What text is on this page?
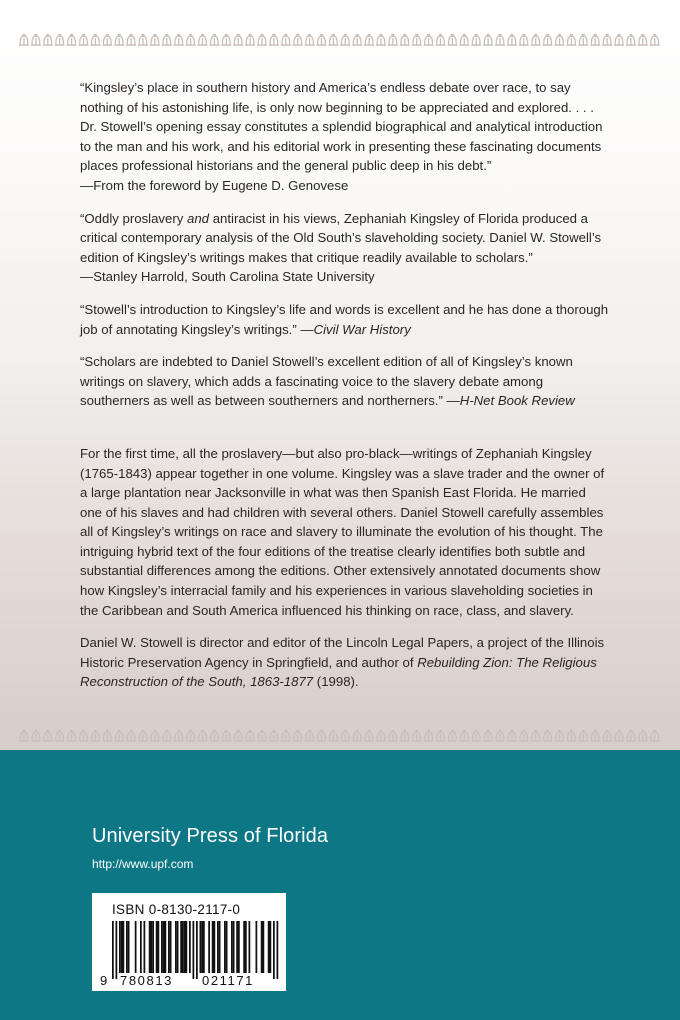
“Kingsley’s place in southern history and America’s endless debate over race, to say nothing of his astonishing life, is only now beginning to be appreciated and explored. . . . Dr. Stowell’s opening essay constitutes a splendid biographical and analytical introduction to the man and his work, and his editorial work in presenting these fascinating documents places professional historians and the general public deep in his debt.”
—From the foreword by Eugene D. Genovese

“Oddly proslavery and antiracist in his views, Zephaniah Kingsley of Florida produced a critical contemporary analysis of the Old South’s slaveholding society. Daniel W. Stowell’s edition of Kingsley’s writings makes that critique readily available to scholars.”
—Stanley Harrold, South Carolina State University

“Stowell’s introduction to Kingsley’s life and words is excellent and he has done a thorough job of annotating Kingsley’s writings.” —Civil War History

“Scholars are indebted to Daniel Stowell’s excellent edition of all of Kingsley’s known writings on slavery, which adds a fascinating voice to the slavery debate among southerners as well as between southerners and northerners.” —H-Net Book Review

For the first time, all the proslavery—but also pro-black—writings of Zephaniah Kingsley (1765-1843) appear together in one volume. Kingsley was a slave trader and the owner of a large plantation near Jacksonville in what was then Spanish East Florida. He married one of his slaves and had children with several others. Daniel Stowell carefully assembles all of Kingsley’s writings on race and slavery to illuminate the evolution of his thought. The intriguing hybrid text of the four editions of the treatise clearly identifies both subtle and substantial differences among the editions. Other extensively annotated documents show how Kingsley’s interracial family and his experiences in various slaveholding societies in the Caribbean and South America influenced his thinking on race, class, and slavery.

Daniel W. Stowell is director and editor of the Lincoln Legal Papers, a project of the Illinois Historic Preservation Agency in Springfield, and author of Rebuilding Zion: The Religious Reconstruction of the South, 1863-1877 (1998).

University Press of Florida
http://www.upf.com
ISBN 0-8130-2117-0
9 780813 021171
